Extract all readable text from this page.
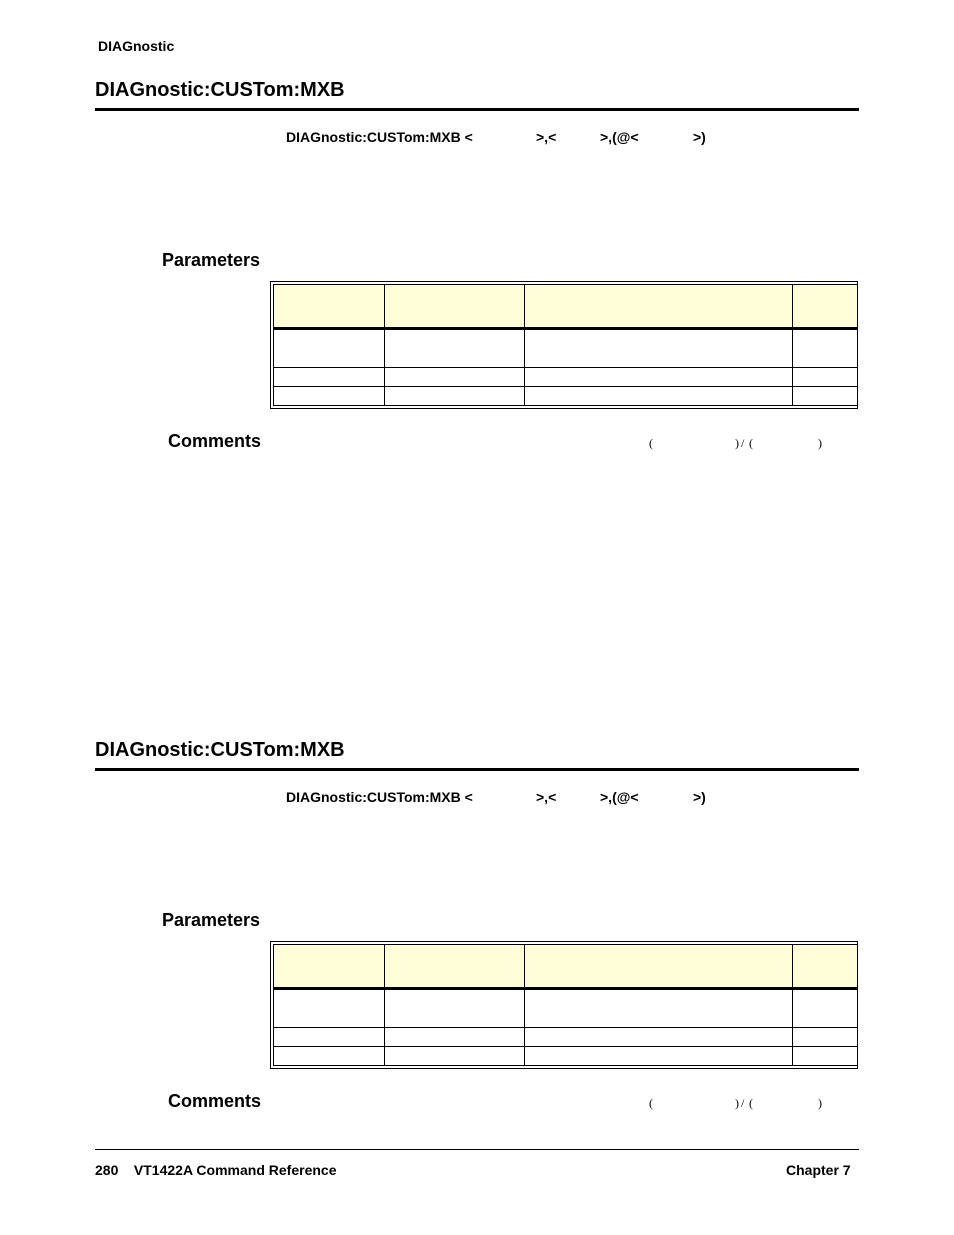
DIAGnostic
DIAGnostic:CUSTom:MXB
DIAGnostic:CUSTom:MXB <	>,<	>,(@<	>)
Parameters

Comments	(	) / (	)
DIAGnostic:CUSTom:MXB
DIAGnostic:CUSTom:MXB <	>,<	>,(@<	>)
Parameters

Comments	(	) / (	)
280 VT1422A Command Reference	Chapter 7
